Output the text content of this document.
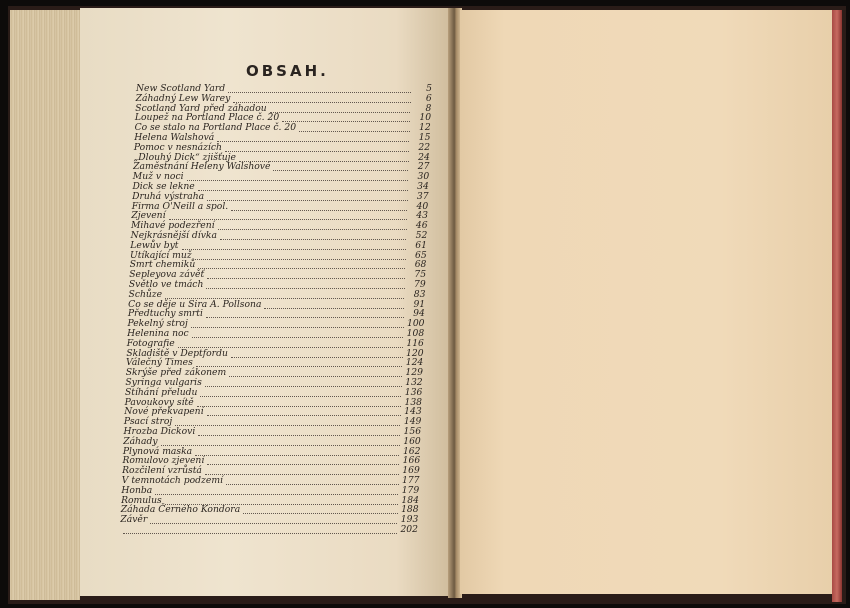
OBSAH.
New Scotland Yard	5
Záhadný Lew Warey	6
Scotland Yard před záhadou	8
Loupež na Portland Place č. 20	10
Co se stalo na Portland Place č. 20	12
Helena Walshová	15
Pomoc v nesnázích	22
„Dlouhý Dick“ zjišťuje	24
Zaměstnání Heleny Walshové	27
Muž v noci	30
Dick se lekne	34
Druhá výstraha	37
Firma O'Neill a spol.	40
Zjevení	43
Mihavé podezření	46
Nejkrásnější dívka	52
Lewův byt	61
Utíkající muž	65
Smrt chemiků	68
Sepleyova závěť	75
Světlo ve tmách	79
Schůze	83
Co se děje u Sira A. Pollsona	91
Předtuchy smrti	94
Pekelný stroj	100
Helenina noc	108
Fotografie	116
Skladiště v Deptfordu	120
Válečný Times	124
Skrýše před zákonem	129
Syringa vulgaris	132
Stíhání přeludu	136
Pavoukovy sítě	138
Nové překvapení	143
Psací stroj	149
Hrozba Dickovi	156
Záhady	160
Plynová maska	162
Romulovo zjevení	166
Rozčilení vzrůstá	169
V temnotách podzemí	177
Honba	179
Romulus	184
Záhada Černého Kondora	188
Závěr	193
202
